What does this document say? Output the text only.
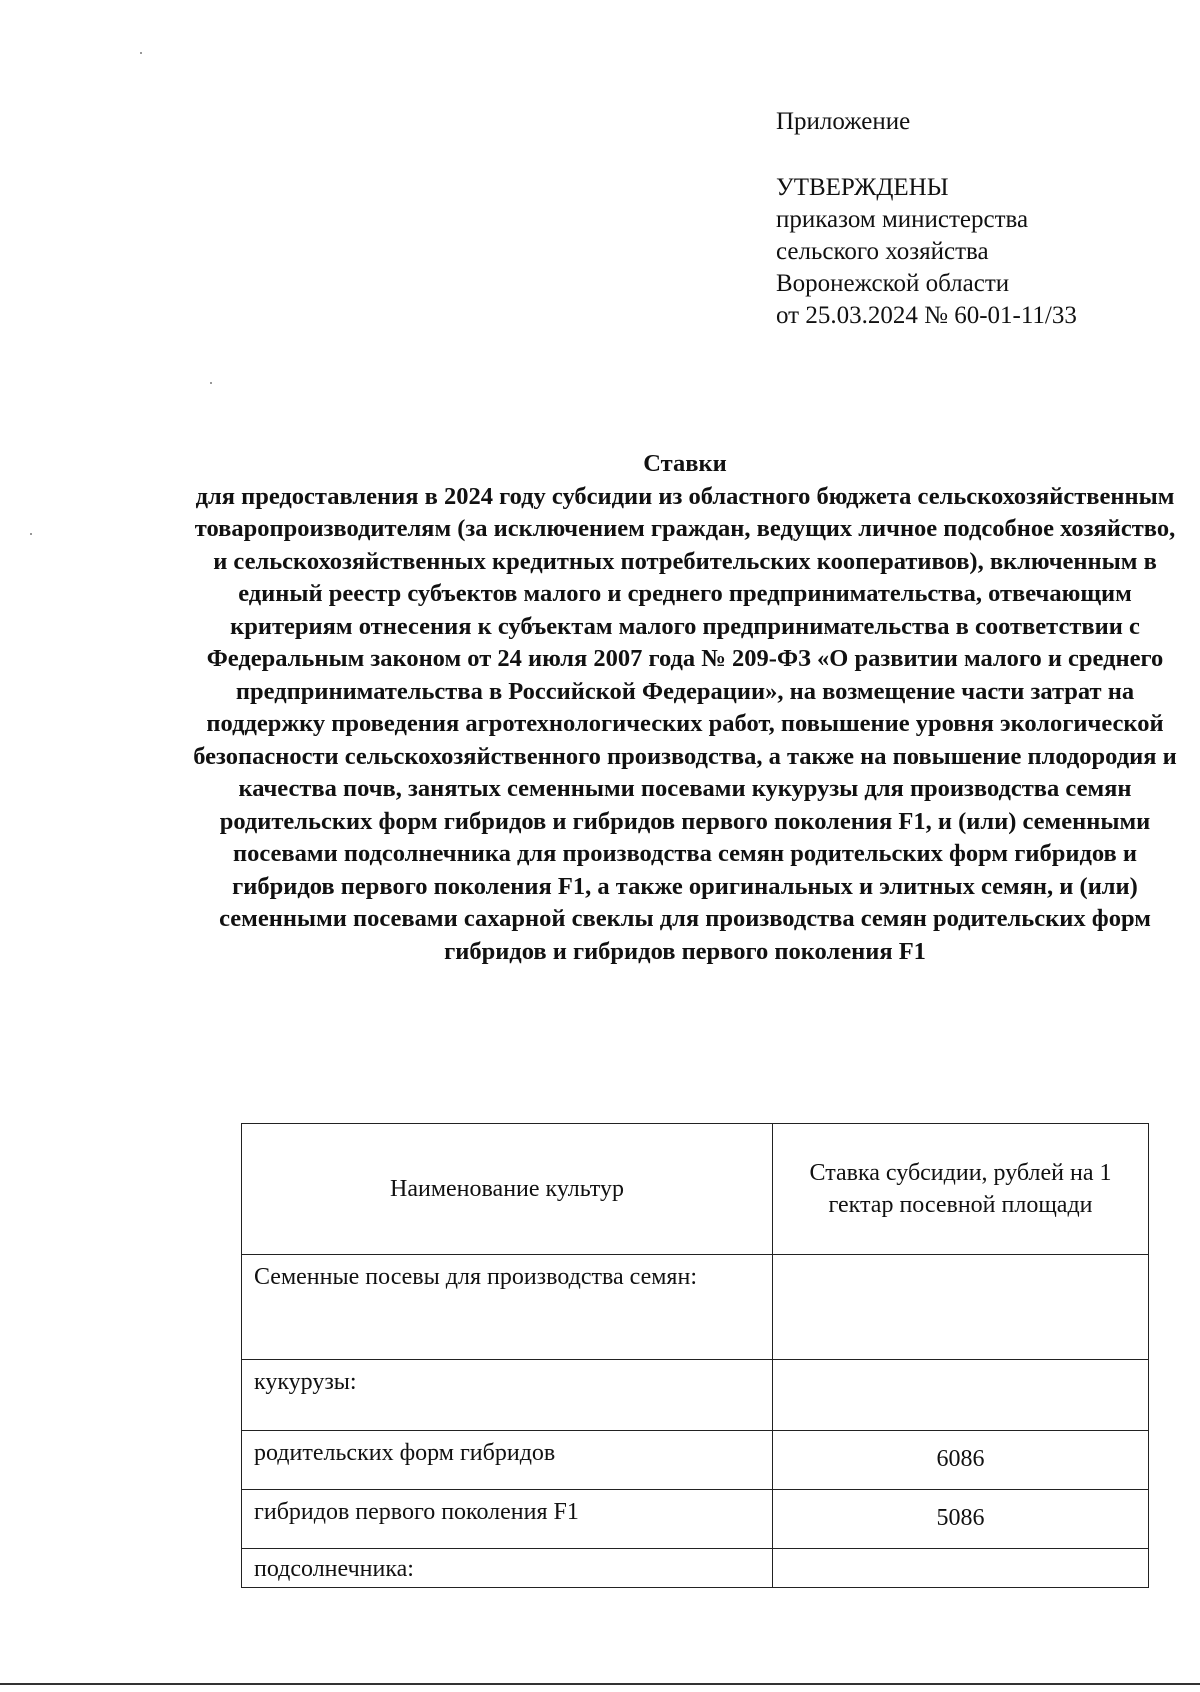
Приложение
УТВЕРЖДЕНЫ
приказом министерства
сельского хозяйства
Воронежской области
от 25.03.2024 № 60-01-11/33
Ставки
для предоставления в 2024 году субсидии из областного бюджета сельскохозяйственным товаропроизводителям (за исключением граждан, ведущих личное подсобное хозяйство, и сельскохозяйственных кредитных потребительских кооперативов), включенным в единый реестр субъектов малого и среднего предпринимательства, отвечающим критериям отнесения к субъектам малого предпринимательства в соответствии с Федеральным законом от 24 июля 2007 года № 209-ФЗ «О развитии малого и среднего предпринимательства в Российской Федерации», на возмещение части затрат на поддержку проведения агротехнологических работ, повышение уровня экологической безопасности сельскохозяйственного производства, а также на повышение плодородия и качества почв, занятых семенными посевами кукурузы для производства семян родительских форм гибридов и гибридов первого поколения F1, и (или) семенными посевами подсолнечника для производства семян родительских форм гибридов и гибридов первого поколения F1, а также оригинальных и элитных семян, и (или) семенными посевами сахарной свеклы для производства семян родительских форм гибридов и гибридов первого поколения F1
Наименование культур	Ставка субсидии, рублей на 1 гектар посевной площади
Семенные посевы для производства семян:	
кукурузы:	
родительских форм гибридов	6086
гибридов первого поколения F1	5086
подсолнечника:	
